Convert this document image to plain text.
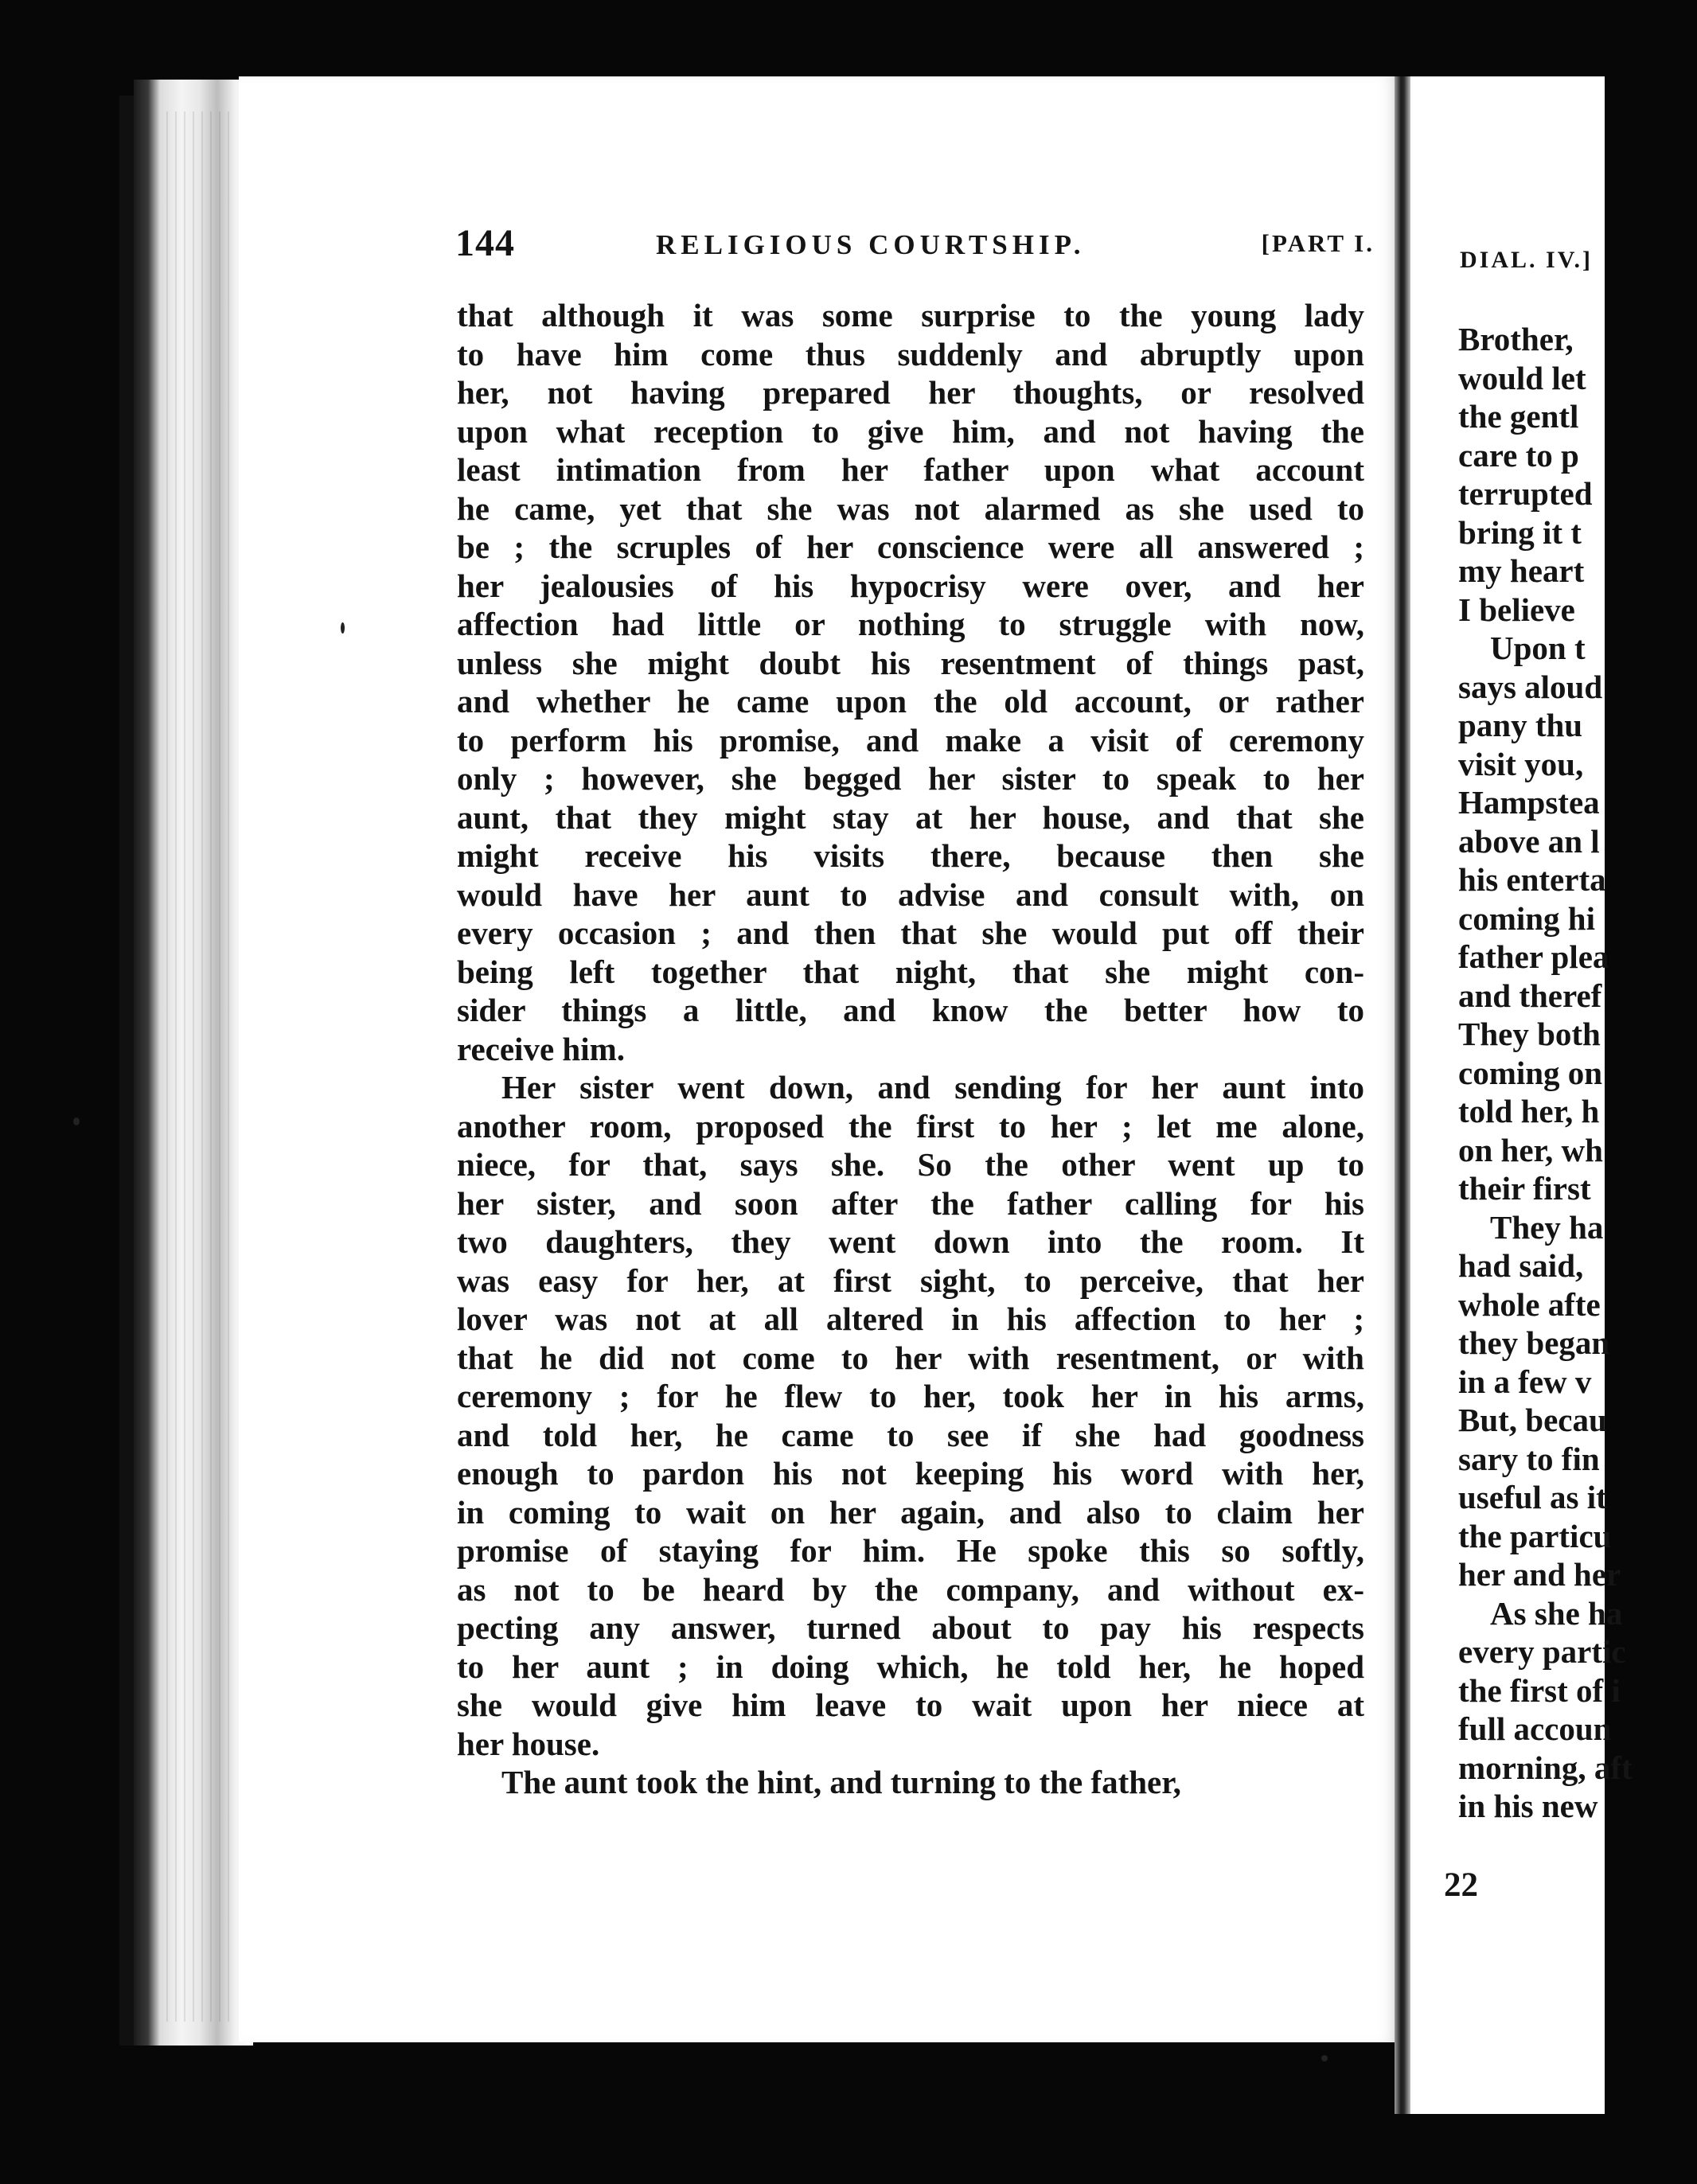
DIAL. IV.]
Brother,
would let
the gentl
care to p
terrupted
bring it t
my heart
I believe
Upon t
says aloud
pany thu
visit you,
Hampstea
above an l
his enterta
coming hi
father plea
and theref
They both
coming on
told her, h
on her, wh
their first
They ha
had said,
whole afte
they began
in a few v
But, becau
sary to fin
useful as it
the particu
her and her
As she ha
every partic
the first of i
full accoun
morning, aft
in his new
22
144	RELIGIOUS COURTSHIP.	[PART I.
that although it was some surprise to the young lady
to have him come thus suddenly and abruptly upon
her, not having prepared her thoughts, or resolved
upon what reception to give him, and not having the
least intimation from her father upon what account
he came, yet that she was not alarmed as she used to
be ; the scruples of her conscience were all answered ;
her jealousies of his hypocrisy were over, and her
affection had little or nothing to struggle with now,
unless she might doubt his resentment of things past,
and whether he came upon the old account, or rather
to perform his promise, and make a visit of ceremony
only ; however, she begged her sister to speak to her
aunt, that they might stay at her house, and that she
might receive his visits there, because then she
would have her aunt to advise and consult with, on
every occasion ; and then that she would put off their
being left together that night, that she might con-
sider things a little, and know the better how to
receive him.
Her sister went down, and sending for her aunt into
another room, proposed the first to her ; let me alone,
niece, for that, says she. So the other went up to
her sister, and soon after the father calling for his
two daughters, they went down into the room. It
was easy for her, at first sight, to perceive, that her
lover was not at all altered in his affection to her ;
that he did not come to her with resentment, or with
ceremony ; for he flew to her, took her in his arms,
and told her, he came to see if she had goodness
enough to pardon his not keeping his word with her,
in coming to wait on her again, and also to claim her
promise of staying for him. He spoke this so softly,
as not to be heard by the company, and without ex-
pecting any answer, turned about to pay his respects
to her aunt ; in doing which, he told her, he hoped
she would give him leave to wait upon her niece at
her house.
The aunt took the hint, and turning to the father,
